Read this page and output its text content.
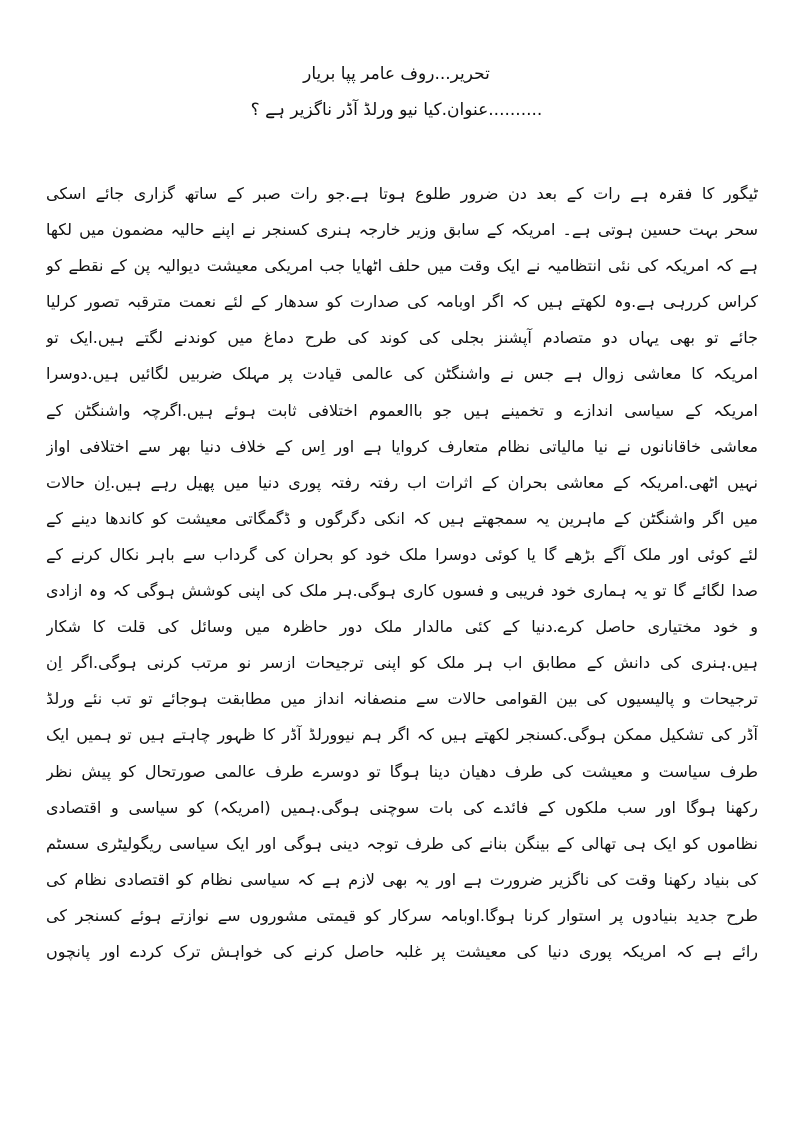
تحریر...روف عامر پپا بریار
..........عنوان.کیا نیو ورلڈ آڈر ناگزیر ہے ؟
ٹیگور کا فقرہ ہے رات کے بعد دن ضرور طلوع ہوتا ہے.جو رات صبر کے ساتھ گزاری جائے اسکی
سحر بہت حسین ہوتی ہے۔ امریکہ کے سابق وزیر خارجہ ہنری کسنجر نے اپنے حالیہ مضمون میں لکھا
ہے کہ امریکہ کی نئی انتظامیہ نے ایک وقت میں حلف اٹھایا جب امریکی معیشت دیوالیہ پن کے نقطے کو
کراس کررہی ہے.وہ لکھتے ہیں کہ اگر اوبامہ کی صدارت کو سدھار کے لئے نعمت مترقبہ تصور کرلیا
جائے تو بھی یہاں دو متصادم آپشنز بجلی کی کوند کی طرح دماغ میں کوندنے لگتے ہیں.ایک تو
امریکہ کا معاشی زوال ہے جس نے واشنگٹن کی عالمی قیادت پر مہلک ضربیں لگائیں ہیں.دوسرا
امریکہ کے سیاسی اندازے و تخمینے ہیں جو باالعموم اختلافی ثابت ہوئے ہیں.اگرچہ واشنگٹن کے
معاشی خاقانانوں نے نیا مالیاتی نظام متعارف کروایا ہے اور اِس کے خلاف دنیا بھر سے اختلافی اواز
نہیں اٹھی.امریکہ کے معاشی بحران کے اثرات اب رفتہ رفتہ پوری دنیا میں پھیل رہے ہیں.اِن حالات
میں اگر واشنگٹن کے ماہرین یہ سمجھتے ہیں کہ انکی دگرگوں و ڈگمگاتی معیشت کو کاندھا دینے کے
لئے کوئی اور ملک آگے بڑھے گا یا کوئی دوسرا ملک خود کو بحران کی گرداب سے باہر نکال کرنے کے
صدا لگائے گا تو یہ ہماری خود فریبی و فسوں کاری ہوگی.ہر ملک کی اپنی کوشش ہوگی کہ وہ ازادی
و خود مختیاری حاصل کرے.دنیا کے کئی مالدار ملک دور حاظرہ میں وسائل کی قلت کا شکار
ہیں.ہنری کی دانش کے مطابق اب ہر ملک کو اپنی ترجیحات ازسر نو مرتب کرنی ہوگی.اگر اِن
ترجیحات و پالیسیوں کی بین القوامی حالات سے منصفانہ انداز میں مطابقت ہوجائے تو تب نئے ورلڈ
آڈر کی تشکیل ممکن ہوگی.کسنجر لکھتے ہیں کہ اگر ہم نیوورلڈ آڈر کا ظہور چاہتے ہیں تو ہمیں ایک
طرف سیاست و معیشت کی طرف دھیان دینا ہوگا تو دوسرے طرف عالمی صورتحال کو پیش نظر
رکھنا ہوگا اور سب ملکوں کے فائدے کی بات سوچنی ہوگی.ہمیں (امریکہ) کو سیاسی و اقتصادی
نظاموں کو ایک ہی تھالی کے بینگن بنانے کی طرف توجہ دینی ہوگی اور ایک سیاسی ریگولیٹری سسٹم
کی بنیاد رکھنا وقت کی ناگزیر ضرورت ہے اور یہ بھی لازم ہے کہ سیاسی نظام کو اقتصادی نظام کی
طرح جدید بنیادوں پر استوار کرنا ہوگا.اوبامہ سرکار کو قیمتی مشوروں سے نوازتے ہوئے کسنجر کی
رائے ہے کہ امریکہ پوری دنیا کی معیشت پر غلبہ حاصل کرنے کی خواہش ترک کردے اور پانچوں
